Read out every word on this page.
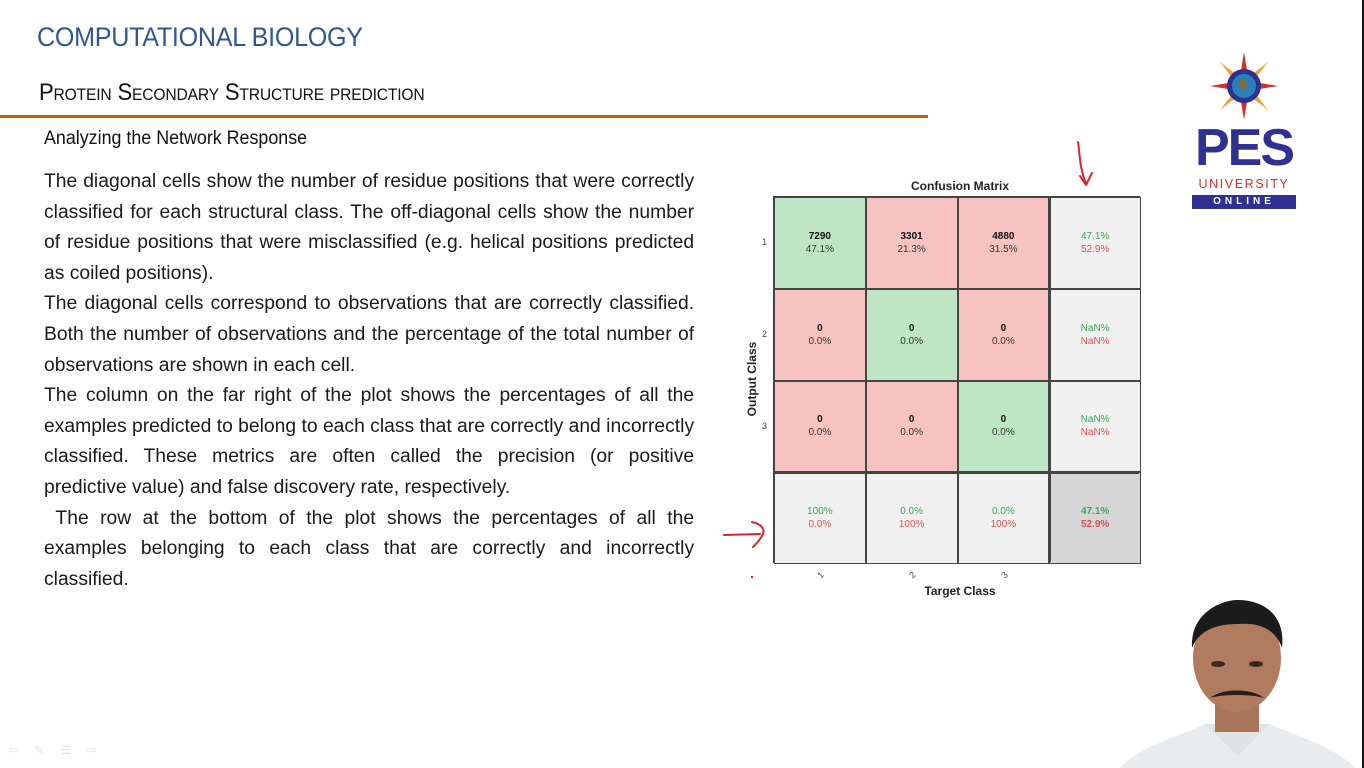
COMPUTATIONAL BIOLOGY
Protein Secondary Structure prediction
Analyzing the Network Response

The diagonal cells show the number of residue positions that were correctly classified for each structural class. The off-diagonal cells show the number of residue positions that were misclassified (e.g. helical positions predicted as coiled positions).

The diagonal cells correspond to observations that are correctly classified. Both the number of observations and the percentage of the total number of observations are shown in each cell.

The column on the far right of the plot shows the percentages of all the examples predicted to belong to each class that are correctly and incorrectly classified. These metrics are often called the precision (or positive predictive value) and false discovery rate, respectively.

The row at the bottom of the plot shows the percentages of all the examples belonging to each class that are correctly and incorrectly classified.

Confusion Matrix
7290
47.1%
3301
21.3%
4880
31.5%
47.1%
52.9%
0
0.0%
0
0.0%
0
0.0%
NaN%
NaN%
0
0.0%
0
0.0%
0
0.0%
NaN%
NaN%
100%
0.0%
0.0%
100%
0.0%
100%
47.1%
52.9%
1
2
3
1	2	3
Output Class
Target Class
PES
UNIVERSITY
ONLINE
⇦ ✎ ☰ ⇨
